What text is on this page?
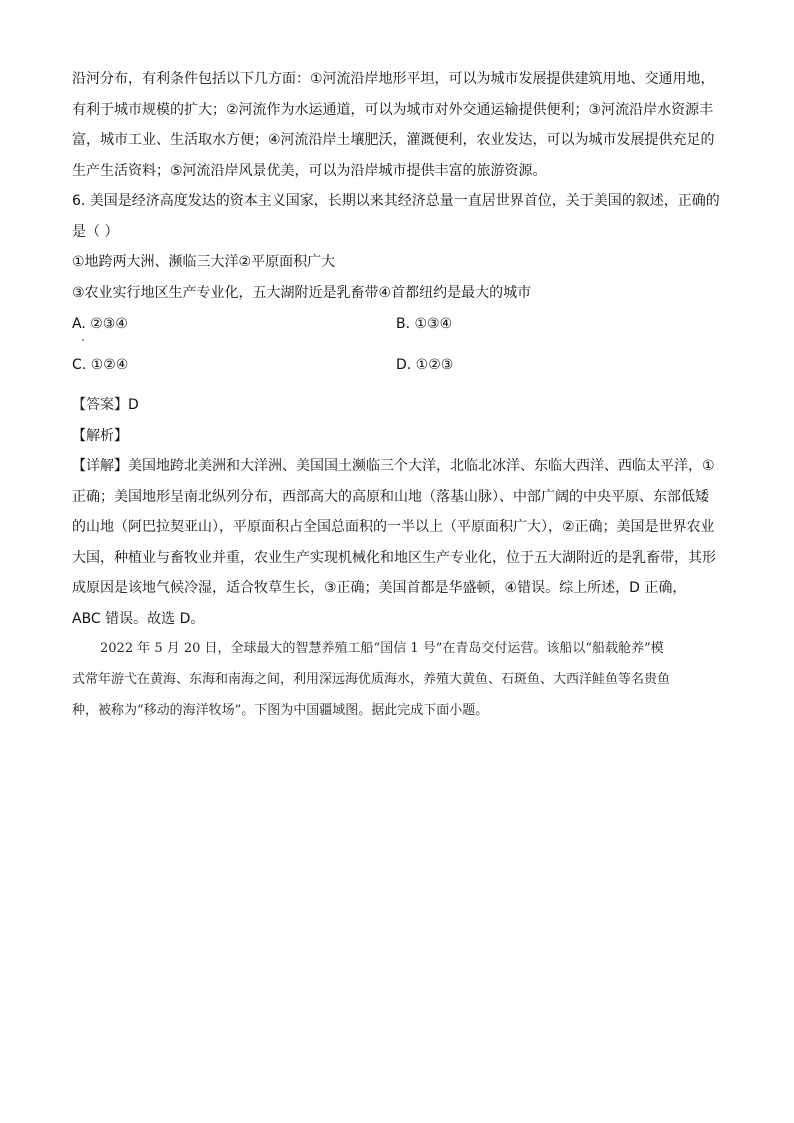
沿河分布，有利条件包括以下几方面：①河流沿岸地形平坦，可以为城市发展提供建筑用地、交通用地，
有利于城市规模的扩大；②河流作为水运通道，可以为城市对外交通运输提供便利；③河流沿岸水资源丰
富，城市工业、生活取水方便；④河流沿岸土壤肥沃，灌溉便利，农业发达，可以为城市发展提供充足的
生产生活资料；⑤河流沿岸风景优美，可以为沿岸城市提供丰富的旅游资源。
6. 美国是经济高度发达的资本主义国家，长期以来其经济总量一直居世界首位，关于美国的叙述，正确的
是（ ）
①地跨两大洲、濒临三大洋②平原面积广大
③农业实行地区生产专业化，五大湖附近是乳畜带④首都纽约是最大的城市
A. ②③④	B. ①③④
C. ①②④	D. ①②③
【答案】D
【解析】
【详解】美国地跨北美洲和大洋洲、美国国土濒临三个大洋，北临北冰洋、东临大西洋、西临太平洋，①
正确；美国地形呈南北纵列分布，西部高大的高原和山地（落基山脉）、中部广阔的中央平原、东部低矮
的山地（阿巴拉契亚山），平原面积占全国总面积的一半以上（平原面积广大），②正确；美国是世界农业
大国，种植业与畜牧业并重，农业生产实现机械化和地区生产专业化，位于五大湖附近的是乳畜带，其形
成原因是该地气候冷湿，适合牧草生长，③正确；美国首都是华盛顿，④错误。综上所述，D 正确，
ABC 错误。故选 D。
2022 年 5 月 20 日，全球最大的智慧养殖工船“国信 1 号”在青岛交付运营。该船以“船载舱养”模
式常年游弋在黄海、东海和南海之间，利用深远海优质海水，养殖大黄鱼、石斑鱼、大西洋鲑鱼等名贵鱼
种，被称为“移动的海洋牧场”。下图为中国疆域图。据此完成下面小题。
